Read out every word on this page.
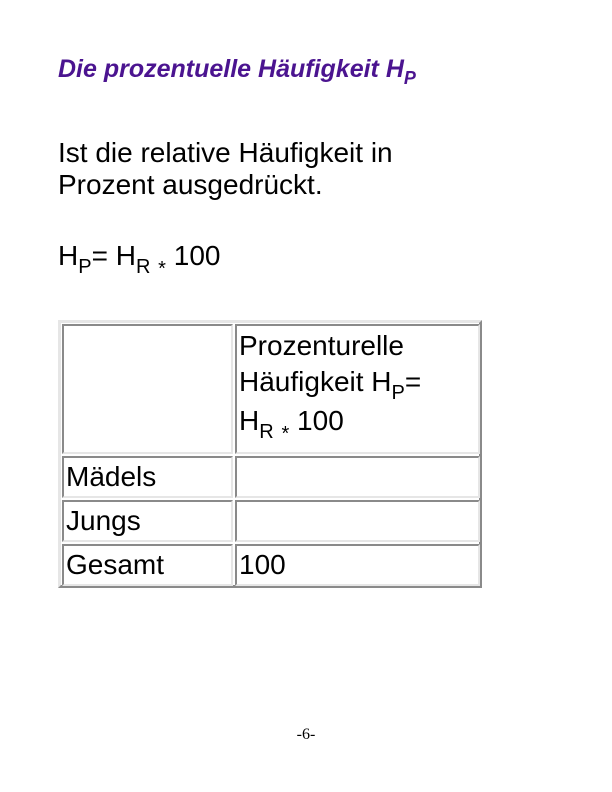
Die prozentuelle Häufigkeit $H_P$

Ist die relative Häufigkeit in
Prozent ausgedrückt.

$H_P= H_R$ $_*$ 100

Prozenturelle
Häufigkeit $H_P=$
$H_R$ $_*$ 100
Mädels
Jungs
Gesamt	100
-6-
